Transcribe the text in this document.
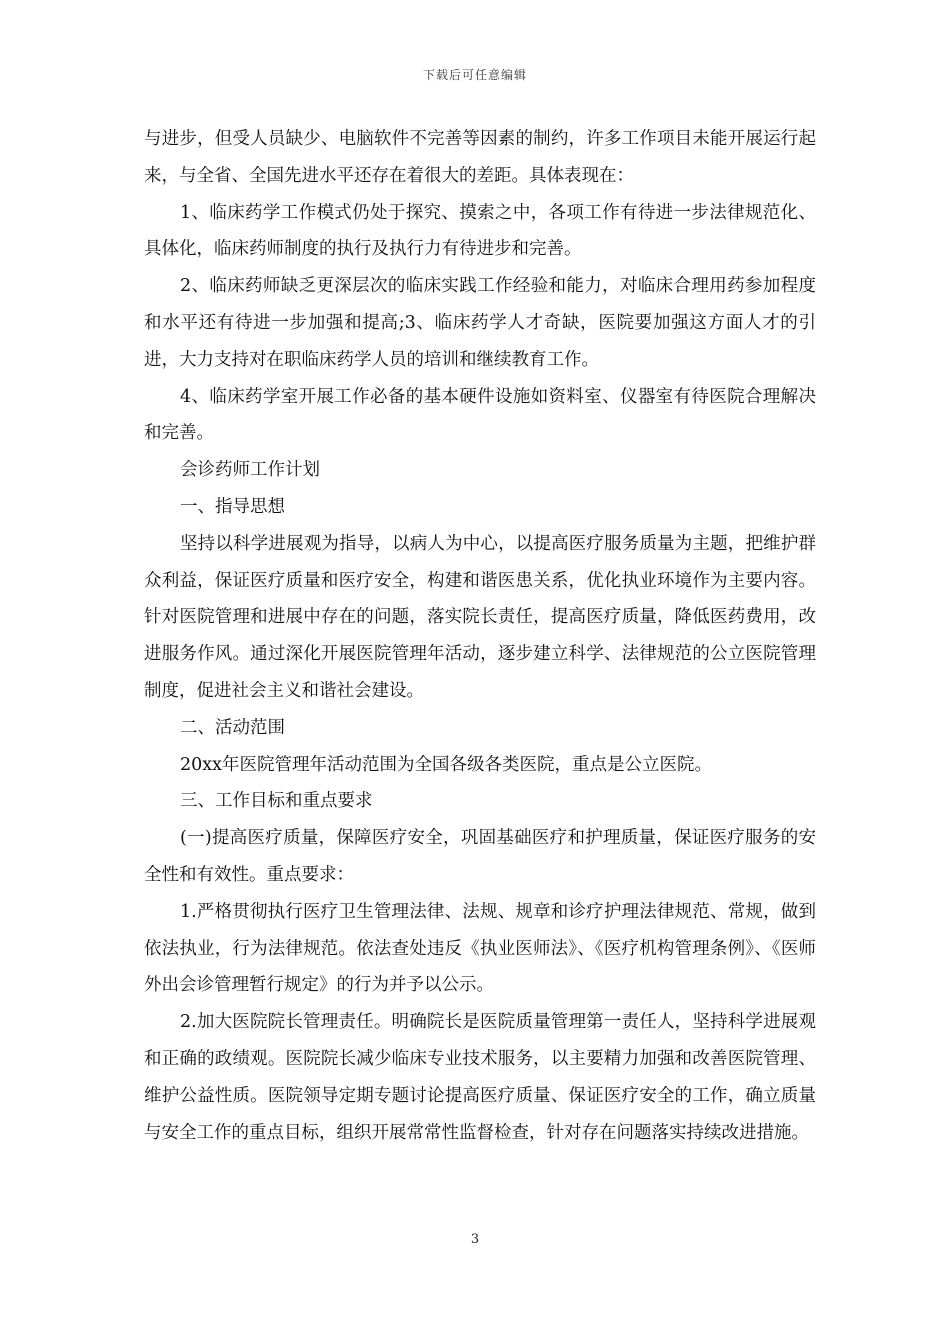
下载后可任意编辑

与进步，但受人员缺少、电脑软件不完善等因素的制约，许多工作项目未能开展运行起来，与全省、全国先进水平还存在着很大的差距。具体表现在：

1、临床药学工作模式仍处于探究、摸索之中，各项工作有待进一步法律规范化、具体化，临床药师制度的执行及执行力有待进步和完善。

2、临床药师缺乏更深层次的临床实践工作经验和能力，对临床合理用药参加程度和水平还有待进一步加强和提高;3、临床药学人才奇缺，医院要加强这方面人才的引进，大力支持对在职临床药学人员的培训和继续教育工作。

4、临床药学室开展工作必备的基本硬件设施如资料室、仪器室有待医院合理解决和完善。

会诊药师工作计划

一、指导思想

坚持以科学进展观为指导，以病人为中心，以提高医疗服务质量为主题，把维护群众利益，保证医疗质量和医疗安全，构建和谐医患关系，优化执业环境作为主要内容。针对医院管理和进展中存在的问题，落实院长责任，提高医疗质量，降低医药费用，改进服务作风。通过深化开展医院管理年活动，逐步建立科学、法律规范的公立医院管理制度，促进社会主义和谐社会建设。

二、活动范围

20xx年医院管理年活动范围为全国各级各类医院，重点是公立医院。

三、工作目标和重点要求

(一)提高医疗质量，保障医疗安全，巩固基础医疗和护理质量，保证医疗服务的安全性和有效性。重点要求：

1.严格贯彻执行医疗卫生管理法律、法规、规章和诊疗护理法律规范、常规，做到依法执业，行为法律规范。依法查处违反《执业医师法》、《医疗机构管理条例》、《医师外出会诊管理暂行规定》的行为并予以公示。

2.加大医院院长管理责任。明确院长是医院质量管理第一责任人，坚持科学进展观和正确的政绩观。医院院长减少临床专业技术服务，以主要精力加强和改善医院管理、维护公益性质。医院领导定期专题讨论提高医疗质量、保证医疗安全的工作，确立质量与安全工作的重点目标，组织开展常常性监督检查，针对存在问题落实持续改进措施。

3
